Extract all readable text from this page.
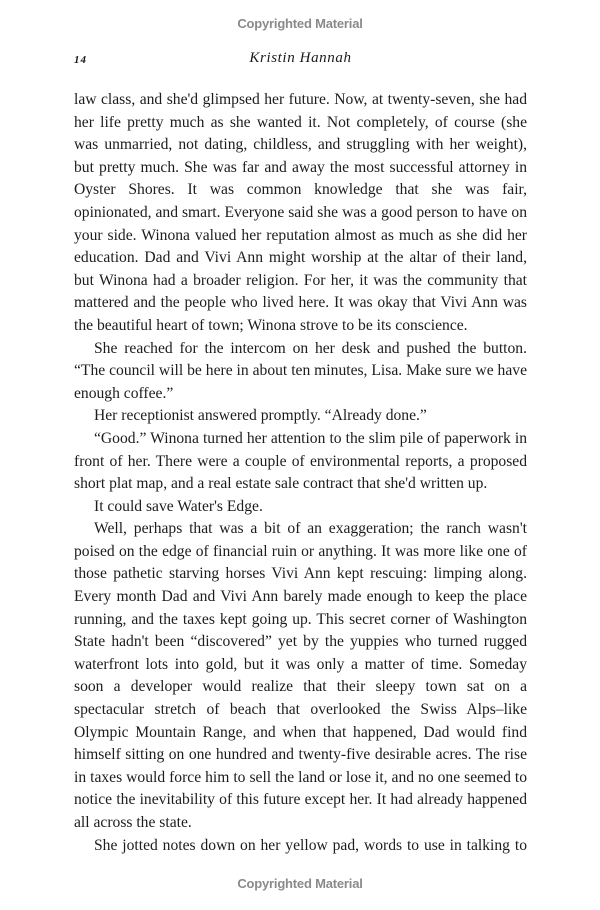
Copyrighted Material
14	Kristin Hannah

law class, and she'd glimpsed her future. Now, at twenty-seven, she had her life pretty much as she wanted it. Not completely, of course (she was unmarried, not dating, childless, and struggling with her weight), but pretty much. She was far and away the most successful attorney in Oyster Shores. It was common knowledge that she was fair, opinionated, and smart. Everyone said she was a good person to have on your side. Winona valued her reputation almost as much as she did her education. Dad and Vivi Ann might worship at the altar of their land, but Winona had a broader religion. For her, it was the community that mattered and the people who lived here. It was okay that Vivi Ann was the beautiful heart of town; Winona strove to be its conscience.

She reached for the intercom on her desk and pushed the button. “The council will be here in about ten minutes, Lisa. Make sure we have enough coffee.”

Her receptionist answered promptly. “Already done.”

“Good.” Winona turned her attention to the slim pile of paperwork in front of her. There were a couple of environmental reports, a proposed short plat map, and a real estate sale contract that she'd written up.

It could save Water's Edge.

Well, perhaps that was a bit of an exaggeration; the ranch wasn't poised on the edge of financial ruin or anything. It was more like one of those pathetic starving horses Vivi Ann kept rescuing: limping along. Every month Dad and Vivi Ann barely made enough to keep the place running, and the taxes kept going up. This secret corner of Washington State hadn't been “discovered” yet by the yuppies who turned rugged waterfront lots into gold, but it was only a matter of time. Someday soon a developer would realize that their sleepy town sat on a spectacular stretch of beach that overlooked the Swiss Alps–like Olympic Mountain Range, and when that happened, Dad would find himself sitting on one hundred and twenty-five desirable acres. The rise in taxes would force him to sell the land or lose it, and no one seemed to notice the inevitability of this future except her. It had already happened all across the state.

She jotted notes down on her yellow pad, words to use in talking to

Copyrighted Material
